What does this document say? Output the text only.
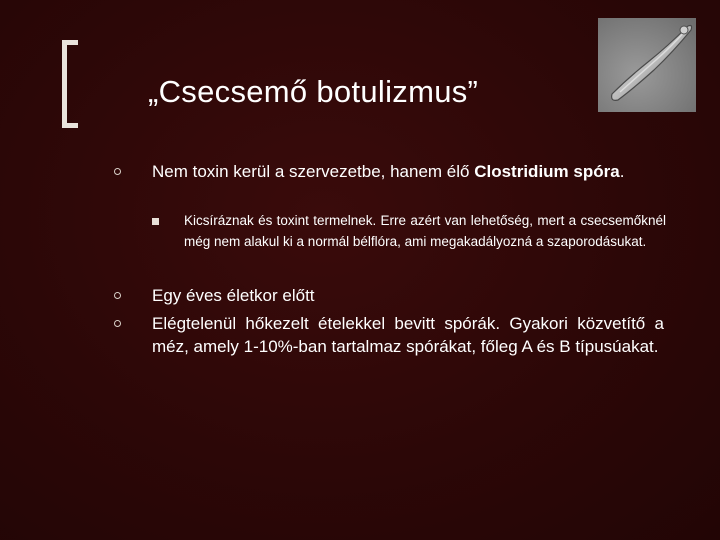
„Csecsemő botulizmus”
Nem toxin kerül a szervezetbe, hanem élő Clostridium spóra.
Kicsíráznak és toxint termelnek. Erre azért van lehetőség, mert a csecsemőknél még nem alakul ki a normál bélflóra, ami megakadályozná a szaporodásukat.
Egy éves életkor előtt
Elégtelenül hőkezelt ételekkel bevitt spórák. Gyakori közvetítő a méz, amely 1-10%-ban tartalmaz spórákat, főleg A és B típusúakat.
